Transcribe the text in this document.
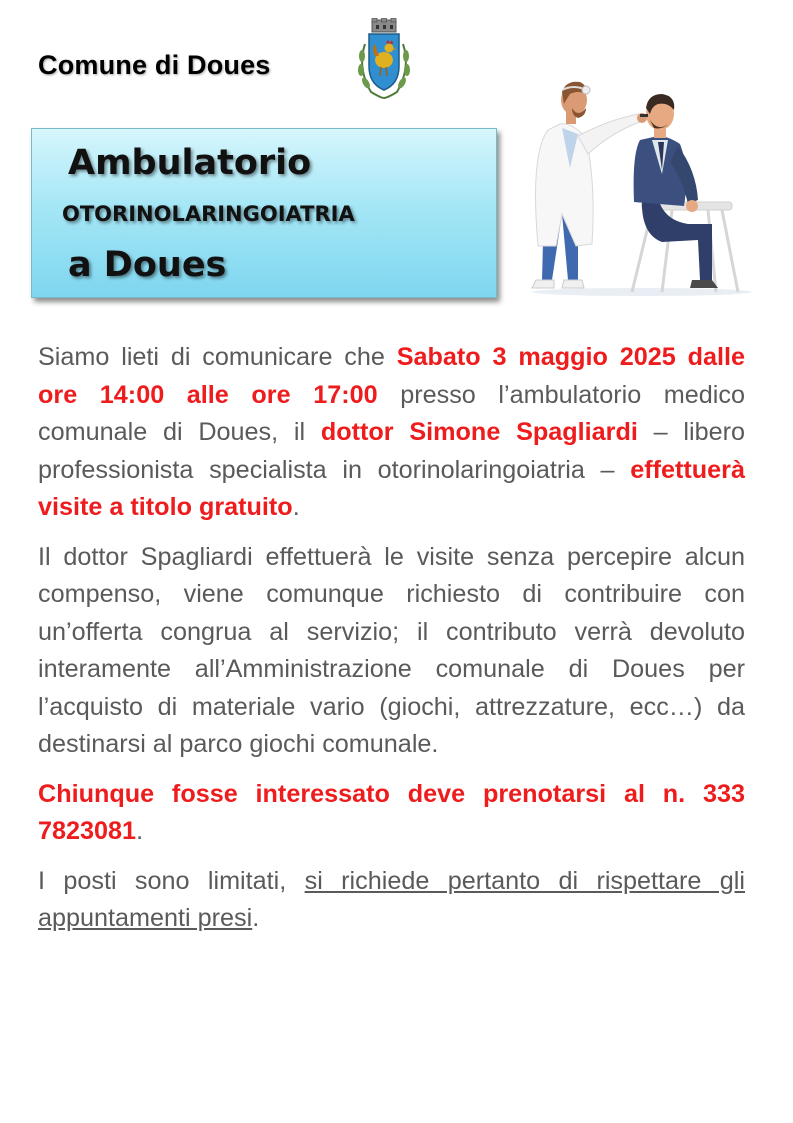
Comune di Doues
Ambulatorio
OTORINOLARINGOIATRIA
a Doues

Siamo lieti di comunicare che Sabato 3 maggio 2025 dalle ore 14:00 alle ore 17:00 presso l’ambulatorio medico comunale di Doues, il dottor Simone Spagliardi – libero professionista specialista in otorinolaringoiatria – effettuerà visite a titolo gratuito.

Il dottor Spagliardi effettuerà le visite senza percepire alcun compenso, viene comunque richiesto di contribuire con un’offerta congrua al servizio; il contributo verrà devoluto interamente all’Amministrazione comunale di Doues per l’acquisto di materiale vario (giochi, attrezzature, ecc…) da destinarsi al parco giochi comunale.

Chiunque fosse interessato deve prenotarsi al n. 333 7823081.

I posti sono limitati, si richiede pertanto di rispettare gli appuntamenti presi.
